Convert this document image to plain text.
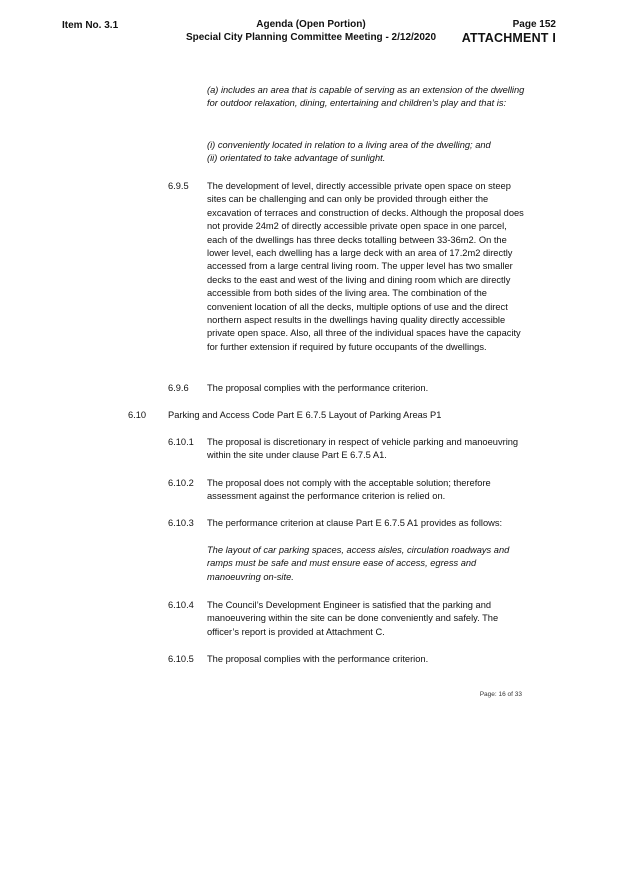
Item No. 3.1	Agenda (Open Portion)
Special City Planning Committee Meeting - 2/12/2020
Page 152
ATTACHMENT I
(a) includes an area that is capable of serving as an extension of the dwelling for outdoor relaxation, dining, entertaining and children’s play and that is:
(i) conveniently located in relation to a living area of the dwelling; and
(ii) orientated to take advantage of sunlight.
6.9.5	The development of level, directly accessible private open space on steep sites can be challenging and can only be provided through either the excavation of terraces and construction of decks. Although the proposal does not provide 24m2 of directly accessible private open space in one parcel, each of the dwellings has three decks totalling between 33-36m2. On the lower level, each dwelling has a large deck with an area of 17.2m2 directly accessed from a large central living room. The upper level has two smaller decks to the east and west of the living and dining room which are directly accessible from both sides of the living area. The combination of the convenient location of all the decks, multiple options of use and the direct northern aspect results in the dwellings having quality directly accessible private open space. Also, all three of the individual spaces have the capacity for further extension if required by future occupants of the dwellings.
6.9.6	The proposal complies with the performance criterion.
6.10	Parking and Access Code Part E 6.7.5 Layout of Parking Areas P1
6.10.1	The proposal is discretionary in respect of vehicle parking and manoeuvring within the site under clause Part E 6.7.5 A1.
6.10.2	The proposal does not comply with the acceptable solution; therefore assessment against the performance criterion is relied on.
6.10.3	The performance criterion at clause Part E 6.7.5 A1 provides as follows:
The layout of car parking spaces, access aisles, circulation roadways and ramps must be safe and must ensure ease of access, egress and manoeuvring on-site.
6.10.4	The Council’s Development Engineer is satisfied that the parking and manoeuvering within the site can be done conveniently and safely. The officer’s report is provided at Attachment C.
6.10.5	The proposal complies with the performance criterion.
Page: 16 of 33
